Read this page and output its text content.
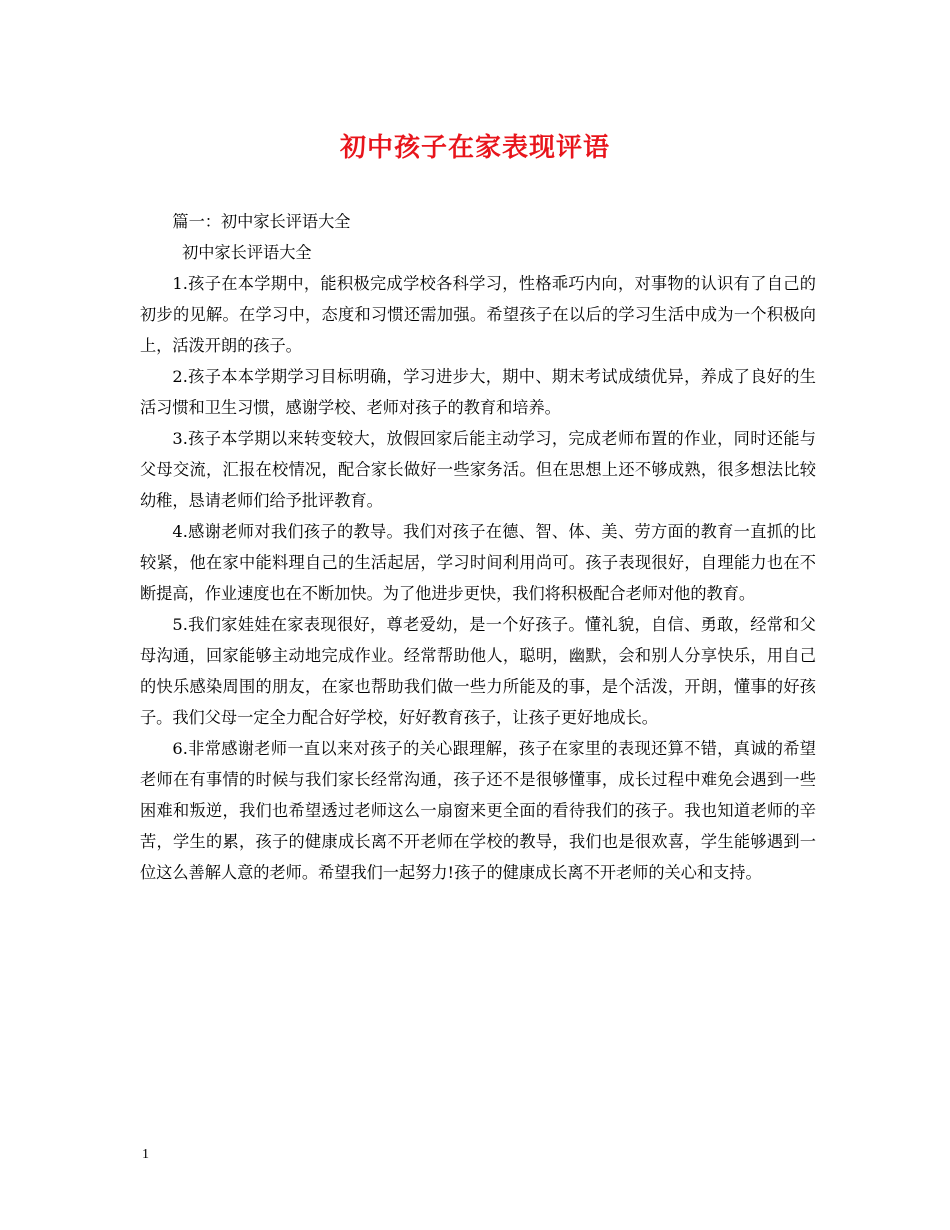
初中孩子在家表现评语

篇一：初中家长评语大全

初中家长评语大全

1.孩子在本学期中，能积极完成学校各科学习，性格乖巧内向，对事物的认识有了自己的初步的见解。在学习中，态度和习惯还需加强。希望孩子在以后的学习生活中成为一个积极向上，活泼开朗的孩子。

2.孩子本本学期学习目标明确，学习进步大，期中、期末考试成绩优异，养成了良好的生活习惯和卫生习惯，感谢学校、老师对孩子的教育和培养。

3.孩子本学期以来转变较大，放假回家后能主动学习，完成老师布置的作业，同时还能与父母交流，汇报在校情况，配合家长做好一些家务活。但在思想上还不够成熟，很多想法比较幼稚，恳请老师们给予批评教育。

4.感谢老师对我们孩子的教导。我们对孩子在德、智、体、美、劳方面的教育一直抓的比较紧，他在家中能料理自己的生活起居，学习时间利用尚可。孩子表现很好，自理能力也在不断提高，作业速度也在不断加快。为了他进步更快，我们将积极配合老师对他的教育。

5.我们家娃娃在家表现很好，尊老爱幼，是一个好孩子。懂礼貌，自信、勇敢，经常和父母沟通，回家能够主动地完成作业。经常帮助他人，聪明，幽默，会和别人分享快乐，用自己的快乐感染周围的朋友，在家也帮助我们做一些力所能及的事，是个活泼，开朗，懂事的好孩子。我们父母一定全力配合好学校，好好教育孩子，让孩子更好地成长。

6.非常感谢老师一直以来对孩子的关心跟理解，孩子在家里的表现还算不错，真诚的希望老师在有事情的时候与我们家长经常沟通，孩子还不是很够懂事，成长过程中难免会遇到一些困难和叛逆，我们也希望透过老师这么一扇窗来更全面的看待我们的孩子。我也知道老师的辛苦，学生的累，孩子的健康成长离不开老师在学校的教导，我们也是很欢喜，学生能够遇到一位这么善解人意的老师。希望我们一起努力!孩子的健康成长离不开老师的关心和支持。

1
